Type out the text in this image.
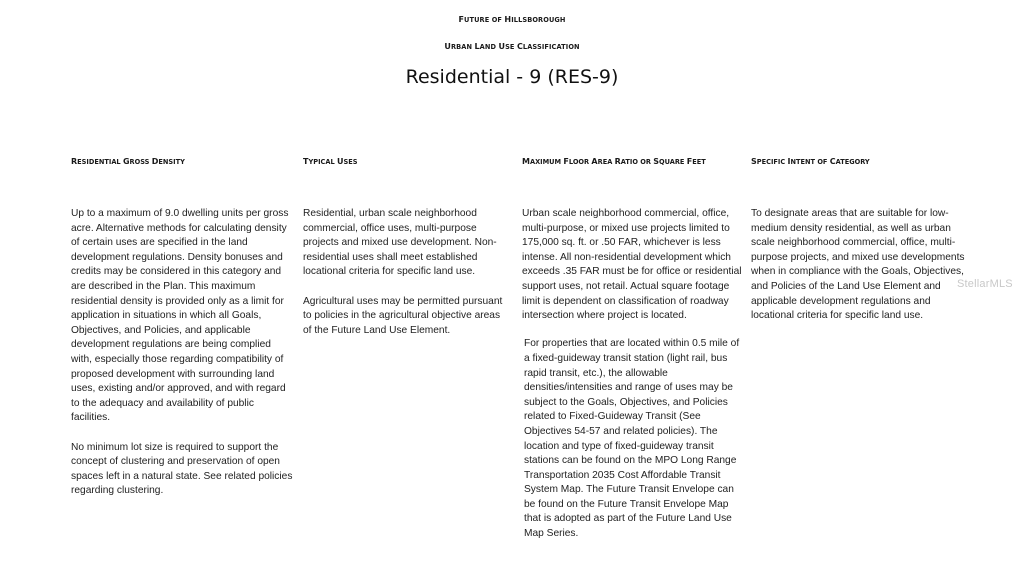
FUTURE OF HILLSBOROUGH
URBAN LAND USE CLASSIFICATION
Residential - 9 (RES-9)
RESIDENTIAL GROSS DENSITY

Up to a maximum of 9.0 dwelling units per gross acre. Alternative methods for calculating density of certain uses are specified in the land development regulations. Density bonuses and credits may be considered in this category and are described in the Plan. This maximum residential density is provided only as a limit for application in situations in which all Goals, Objectives, and Policies, and applicable development regulations are being complied with, especially those regarding compatibility of proposed development with surrounding land uses, existing and/or approved, and with regard to the adequacy and availability of public facilities.

No minimum lot size is required to support the concept of clustering and preservation of open spaces left in a natural state. See related policies regarding clustering.

TYPICAL USES

Residential, urban scale neighborhood commercial, office uses, multi-purpose projects and mixed use development. Non-residential uses shall meet established locational criteria for specific land use.

Agricultural uses may be permitted pursuant to policies in the agricultural objective areas of the Future Land Use Element.

MAXIMUM FLOOR AREA RATIO OR SQUARE FEET

Urban scale neighborhood commercial, office, multi-purpose, or mixed use projects limited to 175,000 sq. ft. or .50 FAR, whichever is less intense. All non-residential development which exceeds .35 FAR must be for office or residential support uses, not retail. Actual square footage limit is dependent on classification of roadway intersection where project is located.

For properties that are located within 0.5 mile of a fixed-guideway transit station (light rail, bus rapid transit, etc.), the allowable densities/intensities and range of uses may be subject to the Goals, Objectives, and Policies related to Fixed-Guideway Transit (See Objectives 54-57 and related policies). The location and type of fixed-guideway transit stations can be found on the MPO Long Range Transportation 2035 Cost Affordable Transit System Map. The Future Transit Envelope can be found on the Future Transit Envelope Map that is adopted as part of the Future Land Use Map Series.

SPECIFIC INTENT OF CATEGORY

To designate areas that are suitable for low-medium density residential, as well as urban scale neighborhood commercial, office, multi-purpose projects, and mixed use developments when in compliance with the Goals, Objectives, and Policies of the Land Use Element and applicable development regulations and locational criteria for specific land use.

StellarMLS
